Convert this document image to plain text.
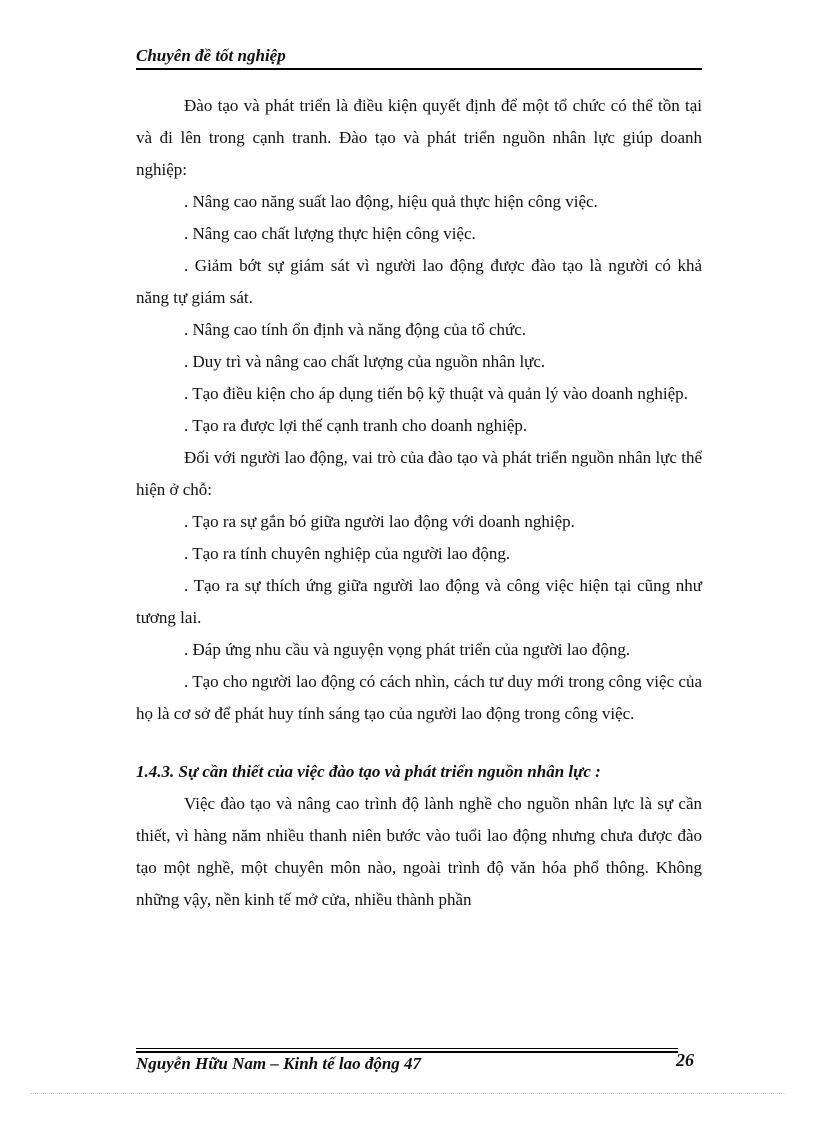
Chuyên đề tốt nghiệp

Đào tạo và phát triển là điều kiện quyết định để một tổ chức có thể tồn tại và đi lên trong cạnh tranh. Đào tạo và phát triển nguồn nhân lực giúp doanh nghiệp:

. Nâng cao năng suất lao động, hiệu quả thực hiện công việc.

. Nâng cao chất lượng thực hiện công việc.

. Giảm bớt sự giám sát vì người lao động được đào tạo là người có khả năng tự giám sát.

. Nâng cao tính ổn định và năng động của tổ chức.

. Duy trì và nâng cao chất lượng của nguồn nhân lực.

. Tạo điều kiện cho áp dụng tiến bộ kỹ thuật và quản lý vào doanh nghiệp.

. Tạo ra được lợi thế cạnh tranh cho doanh nghiệp.

Đối với người lao động, vai trò của đào tạo và phát triển nguồn nhân lực thể hiện ở chỗ:

. Tạo ra sự gắn bó giữa người lao động với doanh nghiệp.

. Tạo ra tính chuyên nghiệp của người lao động.

. Tạo ra sự thích ứng giữa người lao động và công việc hiện tại cũng như tương lai.

. Đáp ứng nhu cầu và nguyện vọng phát triển của người lao động.

. Tạo cho người lao động có cách nhìn, cách tư duy mới trong công việc của họ là cơ sở để phát huy tính sáng tạo của người lao động trong công việc.

1.4.3. Sự cần thiết của việc đào tạo và phát triển nguồn nhân lực :

Việc đào tạo và nâng cao trình độ lành nghề cho nguồn nhân lực là sự cần thiết, vì hàng năm nhiều thanh niên bước vào tuổi lao động nhưng chưa được đào tạo một nghề, một chuyên môn nào, ngoài trình độ văn hóa phổ thông. Không những vậy, nền kinh tế mở cửa, nhiều thành phần

Nguyễn Hữu Nam – Kinh tế lao động 47	26
